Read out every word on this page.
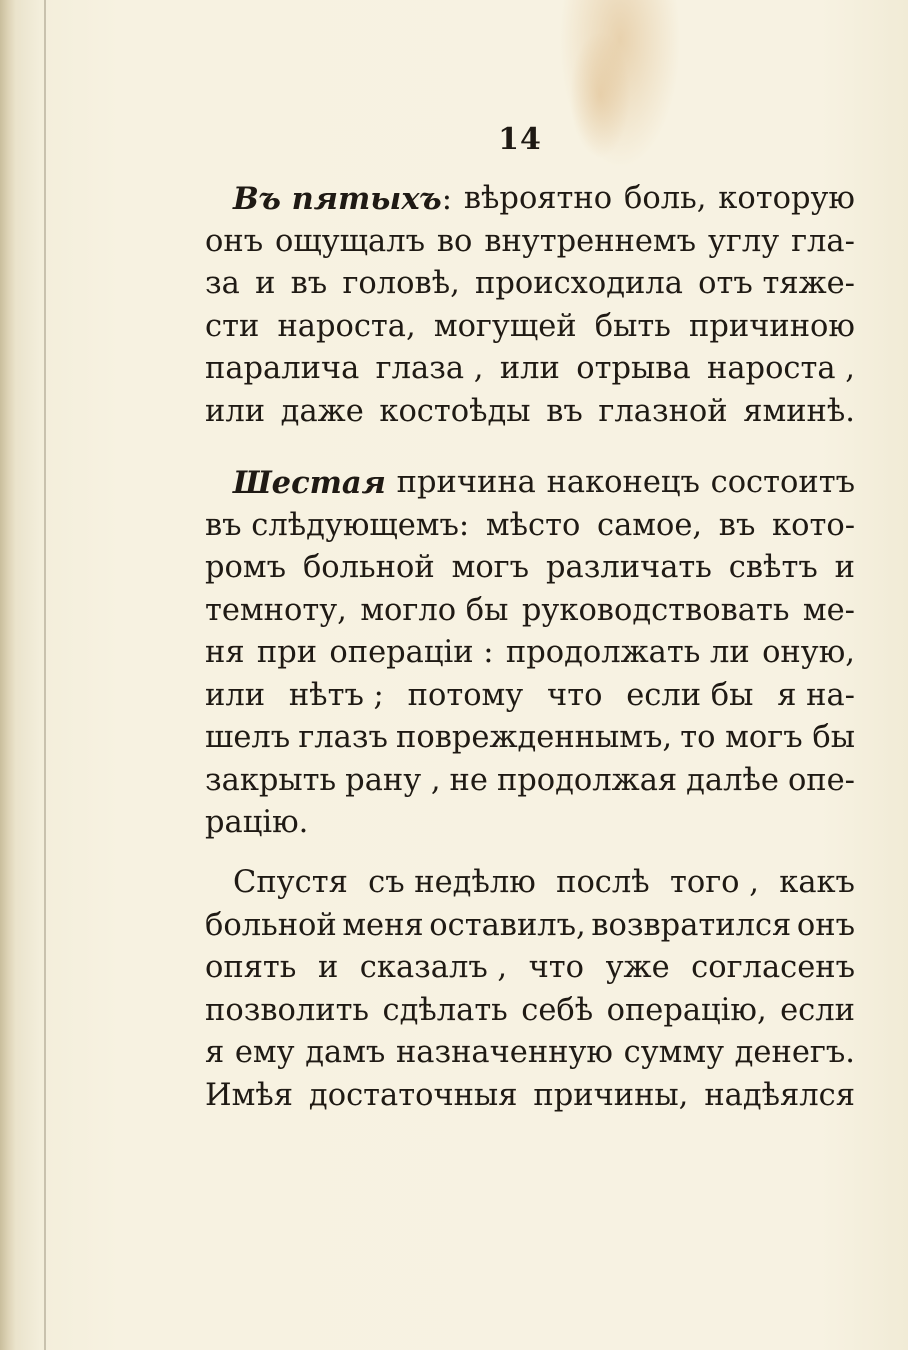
14
Въ пятыхъ: вѣроятно боль, которую
онъ ощущалъ во внутреннемъ углу гла-
за и въ головѣ, происходила отъ тяже-
сти нароста, могущей быть причиною
паралича глаза , или отрыва нароста ,
или даже костоѣды въ глазной яминѣ.
Шестая причина наконецъ состоитъ
въ слѣдующемъ: мѣсто самое, въ кото-
ромъ больной могъ различать свѣтъ и
темноту, могло бы руководствовать ме-
ня при операціи : продолжать ли оную,
или нѣтъ ; потому что если бы я на-
шелъ глазъ поврежденнымъ, то могъ бы
закрыть рану , не продолжая далѣе опе-
рацію.
Спустя съ недѣлю послѣ того , какъ
больной меня оставилъ, возвратился онъ
опять и сказалъ , что уже согласенъ
позволить сдѣлать себѣ операцію, если
я ему дамъ назначенную сумму денегъ.
Имѣя достаточныя причины, надѣялся
